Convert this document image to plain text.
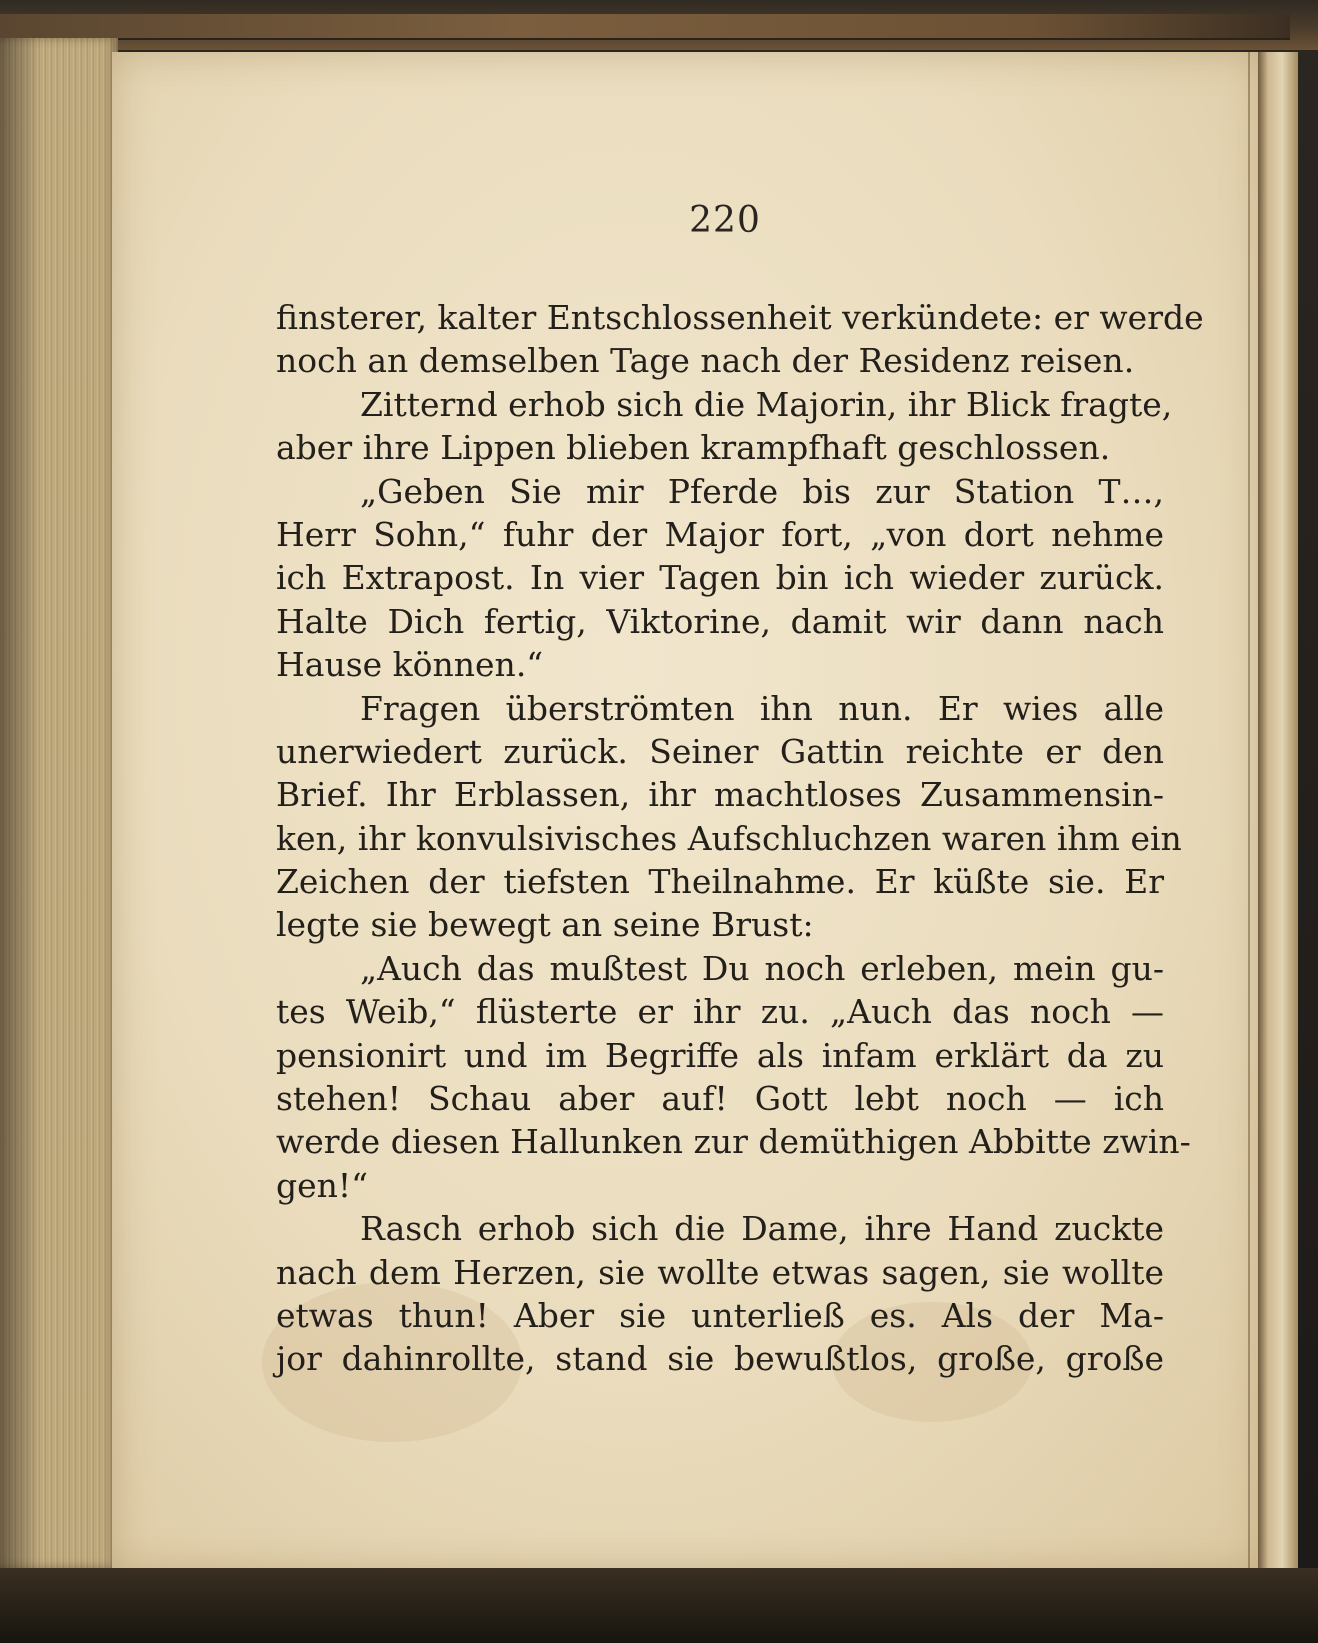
220
finsterer, kalter Entschlossenheit verkündete: er werde
noch an demselben Tage nach der Residenz reisen.
Zitternd erhob sich die Majorin, ihr Blick fragte,
aber ihre Lippen blieben krampfhaft geschlossen.
„Geben Sie mir Pferde bis zur Station T…,
Herr Sohn,“ fuhr der Major fort, „von dort nehme
ich Extrapost. In vier Tagen bin ich wieder zurück.
Halte Dich fertig, Viktorine, damit wir dann nach
Hause können.“
Fragen überströmten ihn nun. Er wies alle
unerwiedert zurück. Seiner Gattin reichte er den
Brief. Ihr Erblassen, ihr machtloses Zusammensin-
ken, ihr konvulsivisches Aufschluchzen waren ihm ein
Zeichen der tiefsten Theilnahme. Er küßte sie. Er
legte sie bewegt an seine Brust:
„Auch das mußtest Du noch erleben, mein gu-
tes Weib,“ flüsterte er ihr zu. „Auch das noch —
pensionirt und im Begriffe als infam erklärt da zu
stehen! Schau aber auf! Gott lebt noch — ich
werde diesen Hallunken zur demüthigen Abbitte zwin-
gen!“
Rasch erhob sich die Dame, ihre Hand zuckte
nach dem Herzen, sie wollte etwas sagen, sie wollte
etwas thun! Aber sie unterließ es. Als der Ma-
jor dahinrollte, stand sie bewußtlos, große, große
